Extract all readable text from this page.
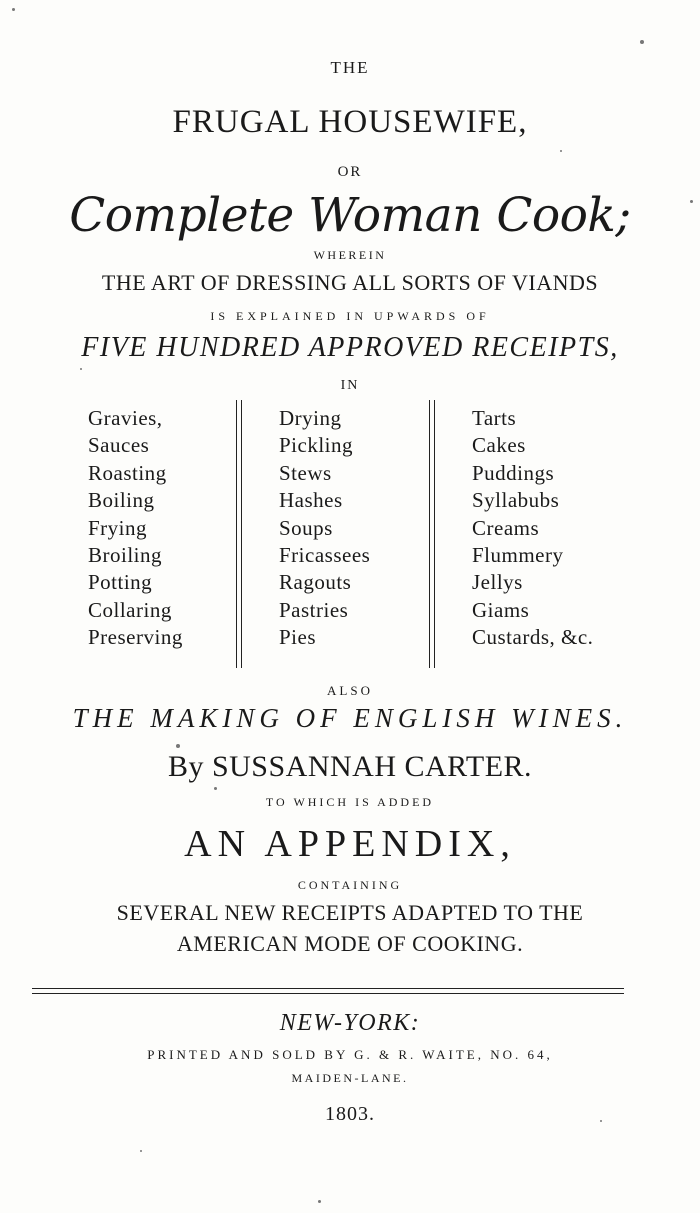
THE
FRUGAL HOUSEWIFE,
OR
Complete Woman Cook;
WHEREIN
THE ART OF DRESSING ALL SORTS OF VIANDS
IS EXPLAINED IN UPWARDS OF
FIVE HUNDRED APPROVED RECEIPTS,
IN
Gravies,
Sauces
Roasting
Boiling
Frying
Broiling
Potting
Collaring
Preserving
Drying
Pickling
Stews
Hashes
Soups
Fricassees
Ragouts
Pastries
Pies
Tarts
Cakes
Puddings
Syllabubs
Creams
Flummery
Jellys
Giams
Custards, &c.
ALSO
THE MAKING OF ENGLISH WINES.
By SUSSANNAH CARTER.
TO WHICH IS ADDED
AN APPENDIX,
CONTAINING
SEVERAL NEW RECEIPTS ADAPTED TO THE
AMERICAN MODE OF COOKING.
NEW-YORK:
PRINTED AND SOLD BY G. & R. WAITE, NO. 64,
MAIDEN-LANE.
1803.
